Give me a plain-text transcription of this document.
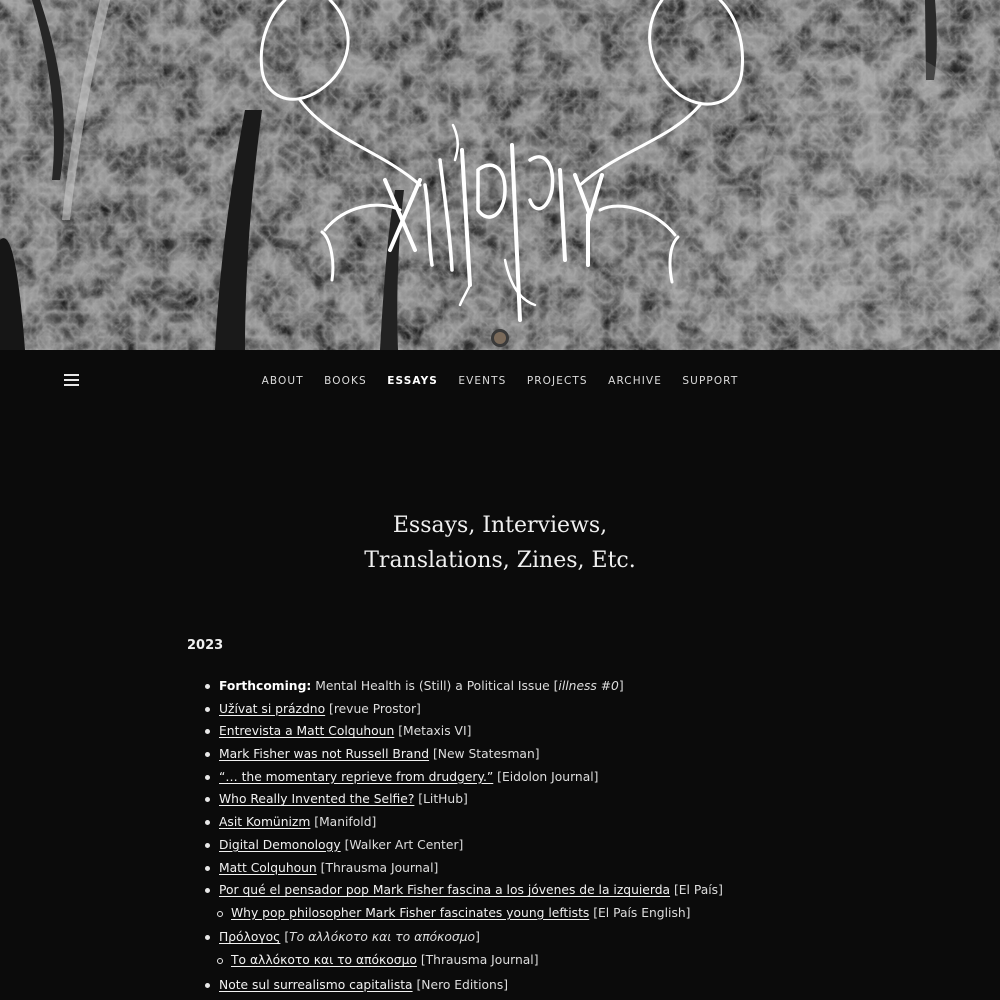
ABOUT BOOKS ESSAYS EVENTS PROJECTS ARCHIVE SUPPORT
Essays, Interviews,
Translations, Zines, Etc.
2023
Forthcoming: Mental Health is (Still) a Political Issue [illness #0]
Užívat si prázdno [revue Prostor]
Entrevista a Matt Colquhoun [Metaxis VI]
Mark Fisher was not Russell Brand [New Statesman]
“… the momentary reprieve from drudgery.” [Eidolon Journal]
Who Really Invented the Selfie? [LitHub]
Asit Komünizm [Manifold]
Digital Demonology [Walker Art Center]
Matt Colquhoun [Thrausma Journal]
Por qué el pensador pop Mark Fisher fascina a los jóvenes de la izquierda [El País]
Why pop philosopher Mark Fisher fascinates young leftists [El País English]
Πρόλογος [Το αλλόκοτο και το απόκοσμο]
Το αλλόκοτο και το απόκοσμο [Thrausma Journal]
Note sul surrealismo capitalista [Nero Editions]
